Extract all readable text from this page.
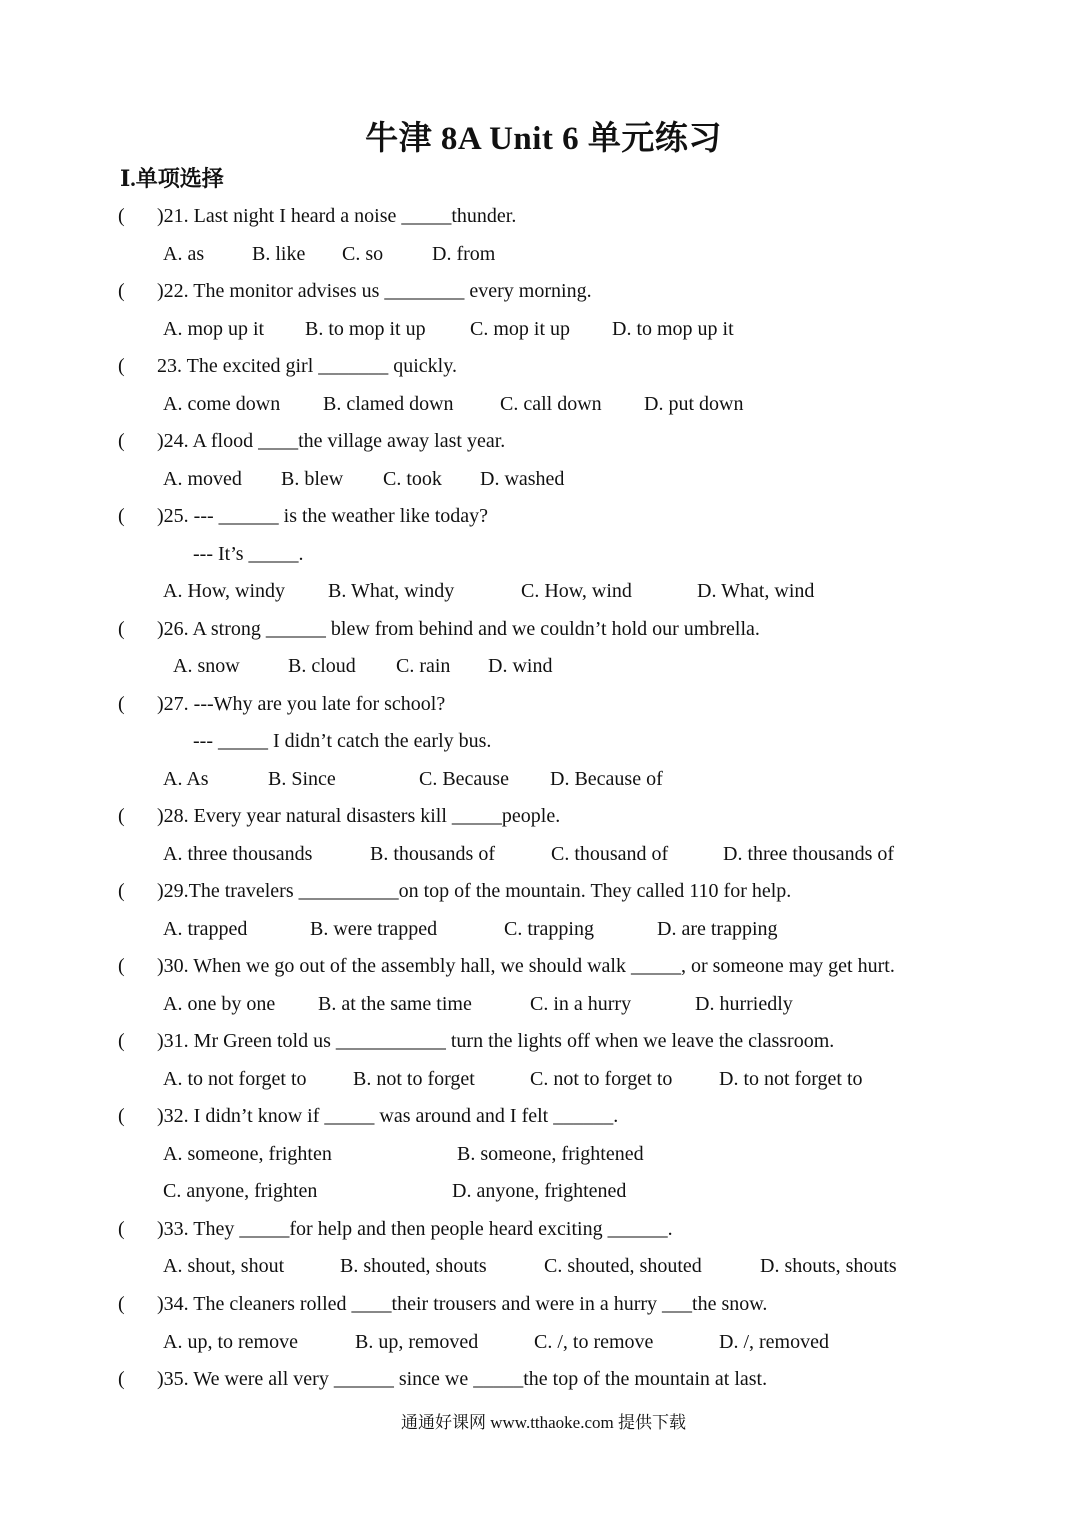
牛津 8A Unit 6 单元练习
Ⅰ.单项选择
( )21. Last night I heard a noise _____thunder.
A. as B. like C. so D. from
( )22. The monitor advises us ________ every morning.
A. mop up it B. to mop it up C. mop it up D. to mop up it
( 23. The excited girl _______ quickly.
A. come down B. clamed down C. call down D. put down
( )24. A flood ____the village away last year.
A. moved B. blew C. took D. washed
( )25. --- ______ is the weather like today?
--- It’s _____.
A. How, windy B. What, windy	C. How, wind	D. What, wind
( )26. A strong ______ blew from behind and we couldn’t hold our umbrella.
A. snow B. cloud C. rain D. wind
( )27. ---Why are you late for school?
--- _____ I didn’t catch the early bus.
A. As	B. Since	C. Because D. Because of
( )28. Every year natural disasters kill _____people.
A. three thousands	B. thousands of	C. thousand of	D. three thousands of
( )29.The travelers __________on top of the mountain. They called 110 for help.
A. trapped	B. were trapped	C. trapping	D. are trapping
( )30. When we go out of the assembly hall, we should walk _____, or someone may get hurt.
A. one by one B. at the same time	C. in a hurry	D. hurriedly
( )31. Mr Green told us ___________ turn the lights off when we leave the classroom.
A. to not forget to B. not to forget	C. not to forget to D. to not forget to
( )32. I didn’t know if _____ was around and I felt ______.
A. someone, frighten	B. someone, frightened
C. anyone, frighten	D. anyone, frightened
( )33. They _____for help and then people heard exciting ______.
A. shout, shout	B. shouted, shouts	C. shouted, shouted	D. shouts, shouts
( )34. The cleaners rolled ____their trousers and were in a hurry ___the snow.
A. up, to remove	B. up, removed	C. /, to remove	D. /, removed
( )35. We were all very ______ since we _____the top of the mountain at last.
通通好课网 www.tthaoke.com 提供下载
